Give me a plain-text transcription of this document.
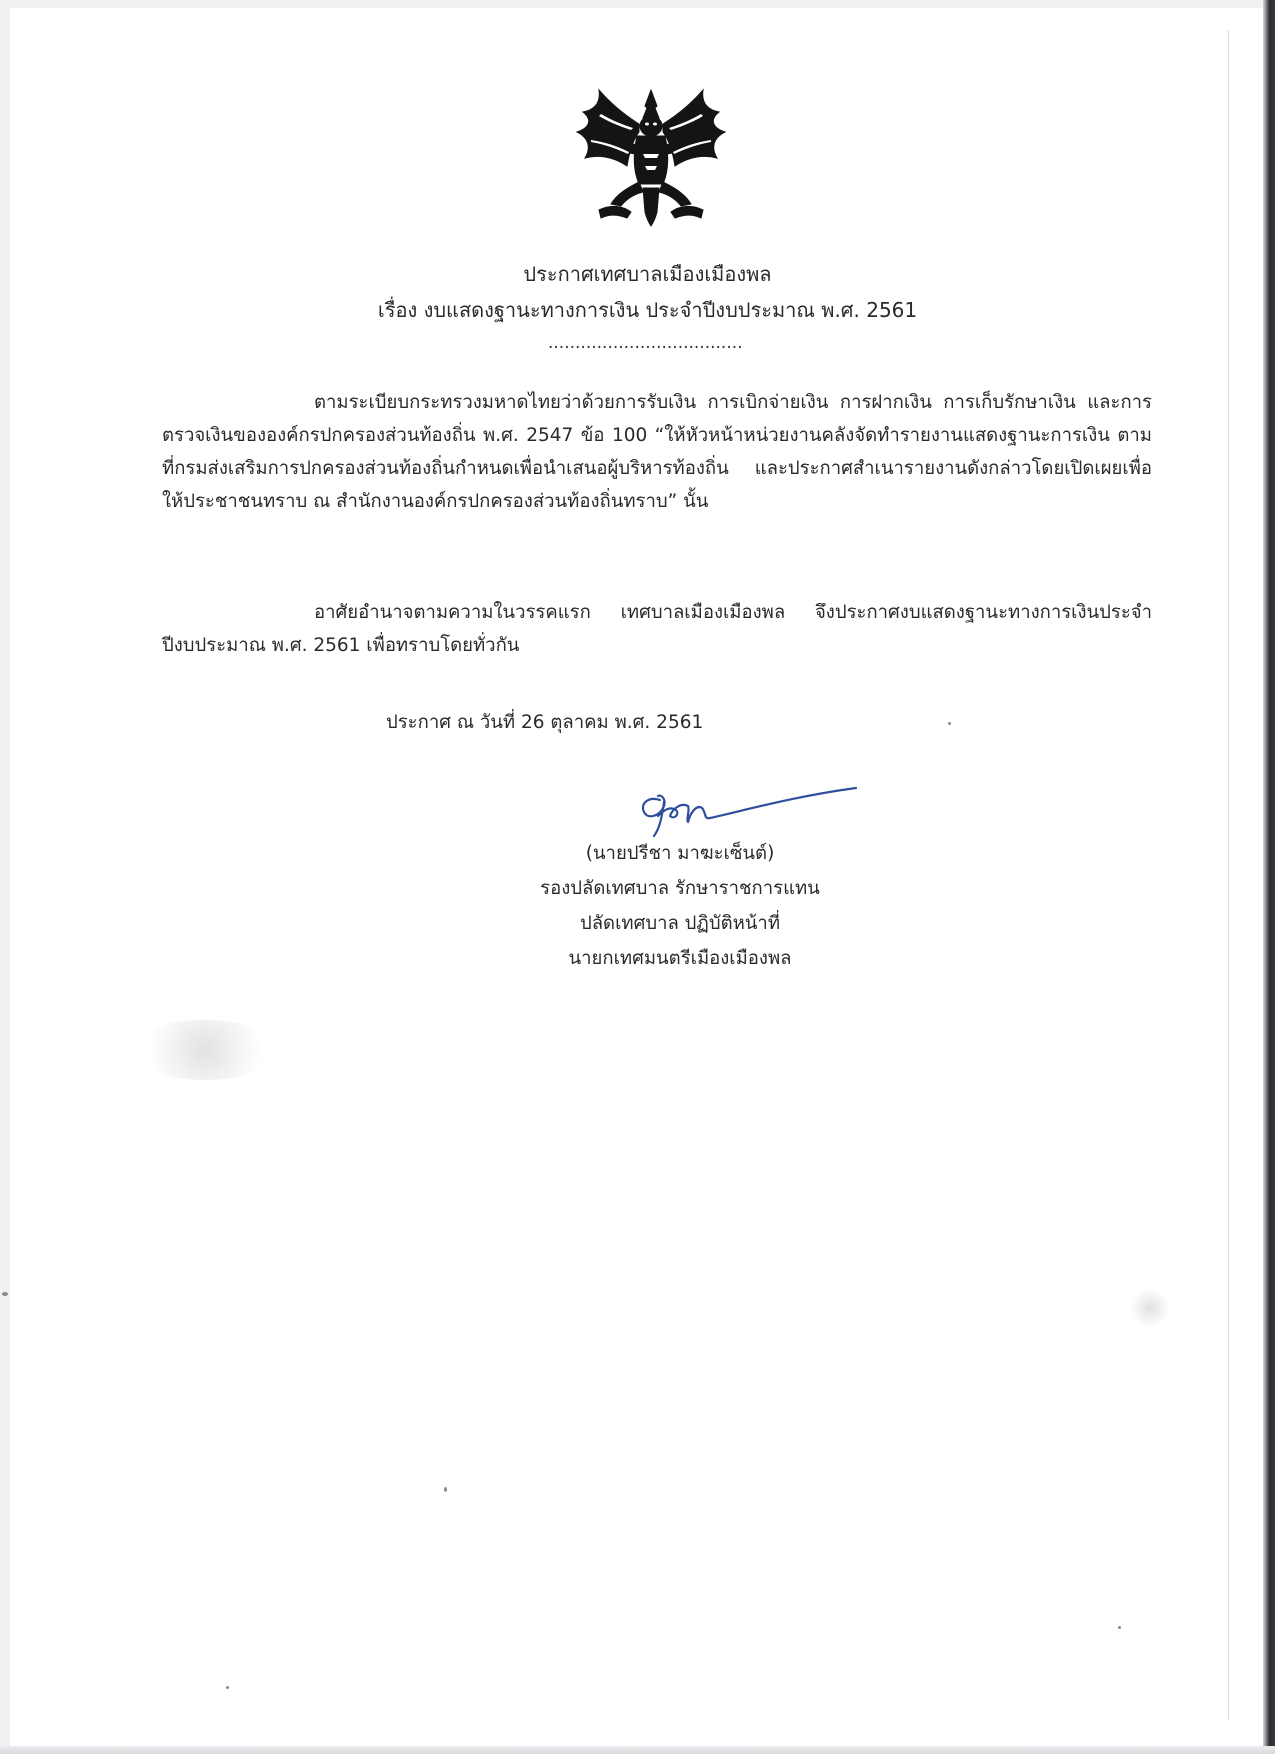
ประกาศเทศบาลเมืองเมืองพล
เรื่อง งบแสดงฐานะทางการเงิน ประจำปีงบประมาณ พ.ศ. 2561
....................................
ตามระเบียบกระทรวงมหาดไทยว่าด้วยการรับเงิน การเบิกจ่ายเงิน การฝากเงิน การเก็บรักษาเงิน และการตรวจเงินขององค์กรปกครองส่วนท้องถิ่น พ.ศ. 2547 ข้อ 100 “ให้หัวหน้าหน่วยงานคลังจัดทำรายงานแสดงฐานะการเงิน ตามที่กรมส่งเสริมการปกครองส่วนท้องถิ่นกำหนดเพื่อนำเสนอผู้บริหารท้องถิ่น และประกาศสำเนารายงานดังกล่าวโดยเปิดเผยเพื่อให้ประชาชนทราบ ณ สำนักงานองค์กรปกครองส่วนท้องถิ่นทราบ” นั้น
อาศัยอำนาจตามความในวรรคแรก เทศบาลเมืองเมืองพล จึงประกาศงบแสดงฐานะทางการเงินประจำปีงบประมาณ พ.ศ. 2561 เพื่อทราบโดยทั่วกัน
ประกาศ ณ วันที่ 26 ตุลาคม พ.ศ. 2561
(นายปรีชา มาฆะเซ็นต์)
รองปลัดเทศบาล รักษาราชการแทน
ปลัดเทศบาล ปฏิบัติหน้าที่
นายกเทศมนตรีเมืองเมืองพล
